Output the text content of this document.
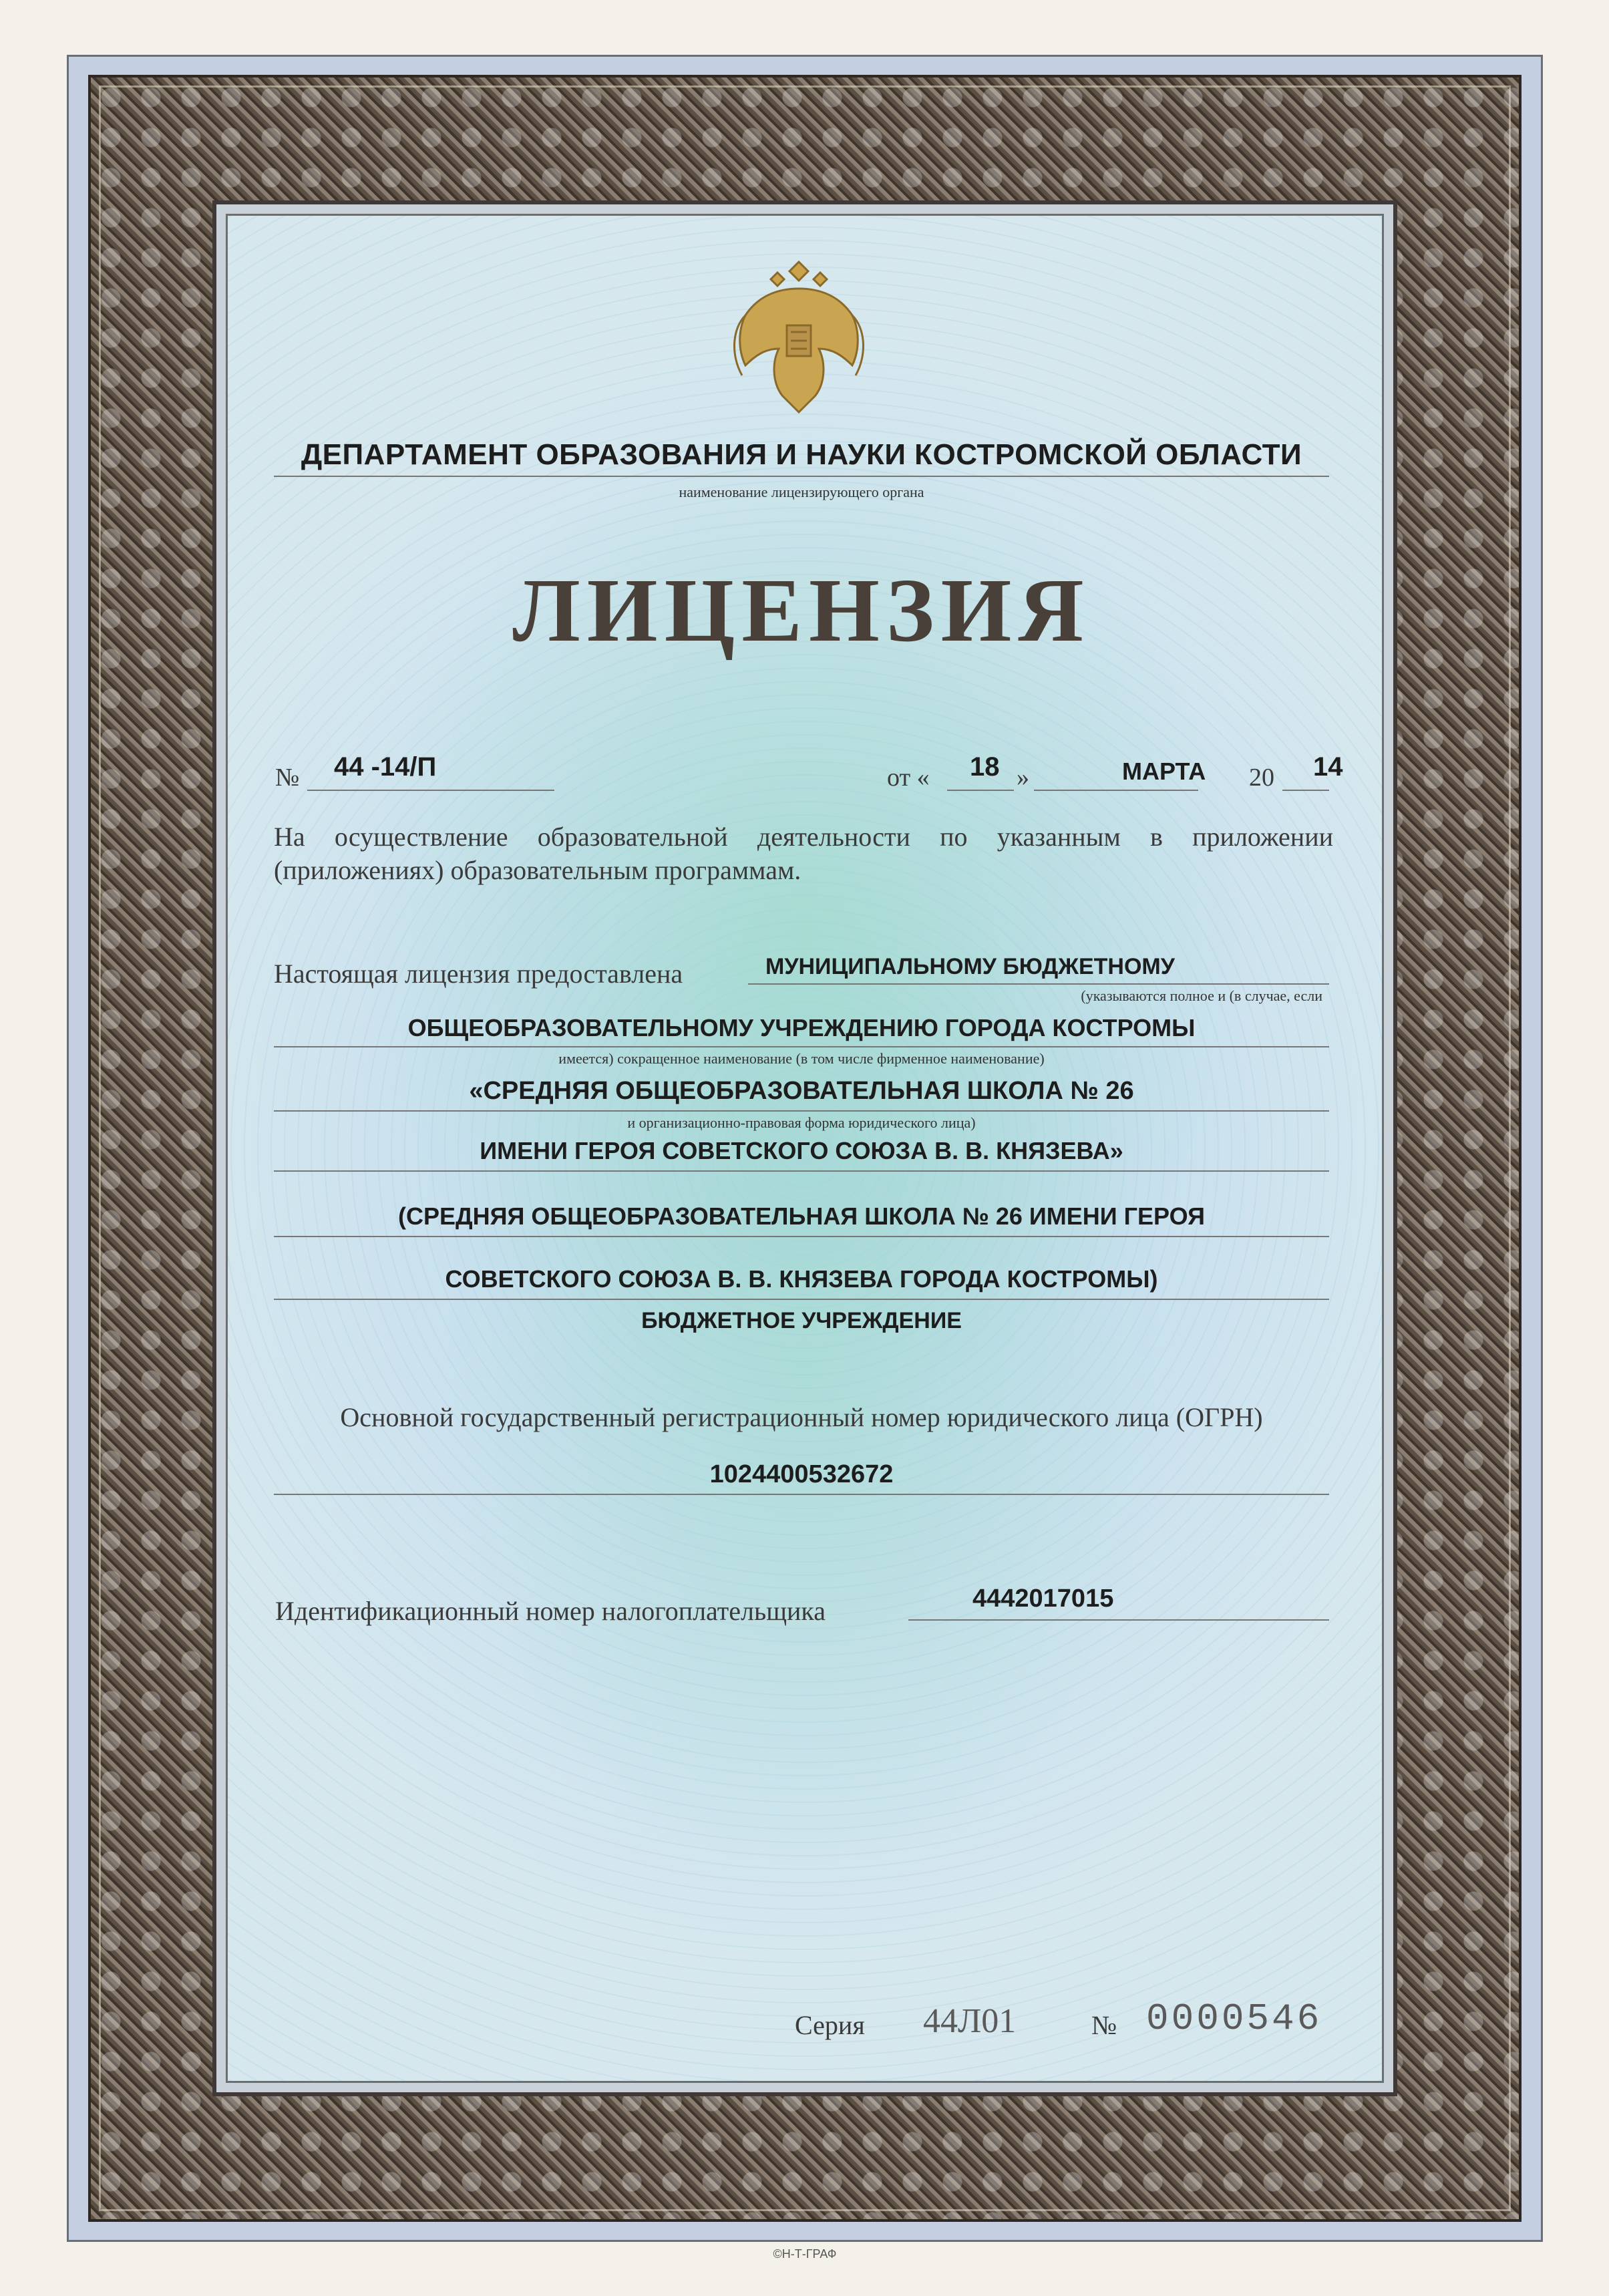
ДЕПАРТАМЕНТ ОБРАЗОВАНИЯ И НАУКИ КОСТРОМСКОЙ ОБЛАСТИ
наименование лицензирующего органа
ЛИЦЕНЗИЯ
№ 44 -14/П	от « 18 »	МАРТА 20 14
На осуществление образовательной деятельности по указанным в приложении (приложениях) образовательным программам.
Настоящая лицензия предоставлена	МУНИЦИПАЛЬНОМУ БЮДЖЕТНОМУ
(указываются полное и (в случае, если
ОБЩЕОБРАЗОВАТЕЛЬНОМУ УЧРЕЖДЕНИЮ ГОРОДА КОСТРОМЫ
имеется) сокращенное наименование (в том числе фирменное наименование)
«СРЕДНЯЯ ОБЩЕОБРАЗОВАТЕЛЬНАЯ ШКОЛА № 26
и организационно-правовая форма юридического лица)
ИМЕНИ ГЕРОЯ СОВЕТСКОГО СОЮЗА В. В. КНЯЗЕВА»
(СРЕДНЯЯ ОБЩЕОБРАЗОВАТЕЛЬНАЯ ШКОЛА № 26 ИМЕНИ ГЕРОЯ
СОВЕТСКОГО СОЮЗА В. В. КНЯЗЕВА ГОРОДА КОСТРОМЫ)
БЮДЖЕТНОЕ УЧРЕЖДЕНИЕ
Основной государственный регистрационный номер юридического лица (ОГРН)
1024400532672
Идентификационный номер налогоплательщика	4442017015
Серия 44Л01	№ 0000546
©Н-Т-ГРАФ
